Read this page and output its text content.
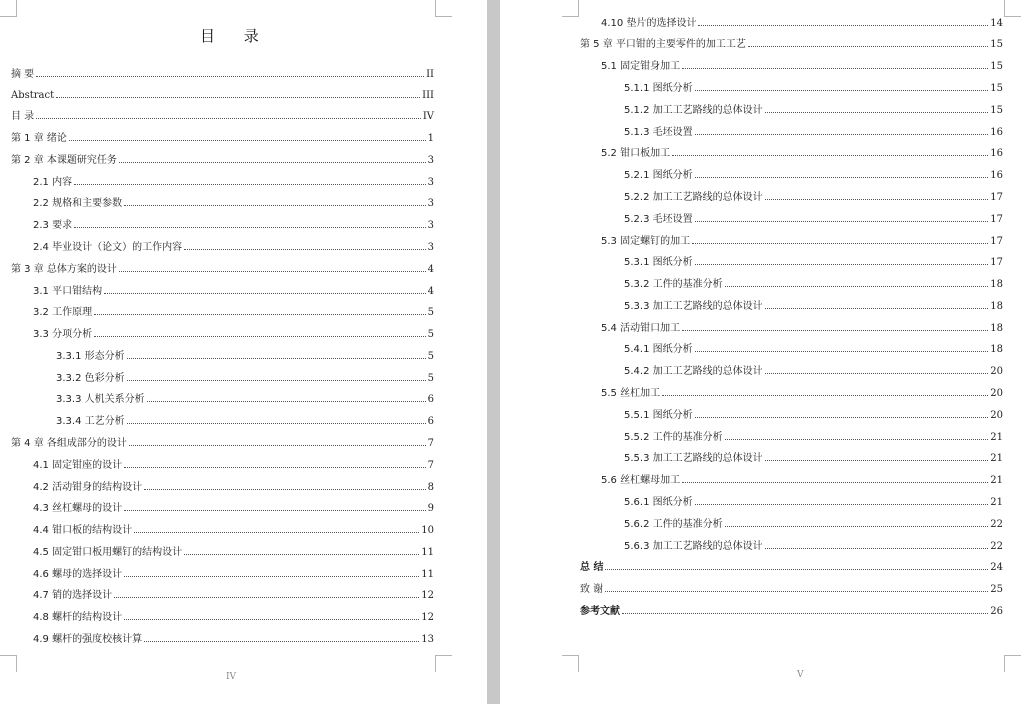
目 录
摘 要	II
Abstract	III
目 录	IV
第 1 章 绪论	1
第 2 章 本课题研究任务	3
2.1 内容	3
2.2 规格和主要参数	3
2.3 要求	3
2.4 毕业设计（论文）的工作内容	3
第 3 章 总体方案的设计	4
3.1 平口钳结构	4
3.2 工作原理	5
3.3 分项分析	5
3.3.1 形态分析	5
3.3.2 色彩分析	5
3.3.3 人机关系分析	6
3.3.4 工艺分析	6
第 4 章 各组成部分的设计	7
4.1 固定钳座的设计	7
4.2 活动钳身的结构设计	8
4.3 丝杠螺母的设计	9
4.4 钳口板的结构设计	10
4.5 固定钳口板用螺钉的结构设计	11
4.6 螺母的选择设计	11
4.7 销的选择设计	12
4.8 螺杆的结构设计	12
4.9 螺杆的强度校核计算	13
IV
4.10 垫片的选择设计	14
第 5 章 平口钳的主要零件的加工工艺	15
5.1 固定钳身加工	15
5.1.1 图纸分析	15
5.1.2 加工工艺路线的总体设计	15
5.1.3 毛坯设置	16
5.2 钳口板加工	16
5.2.1 图纸分析	16
5.2.2 加工工艺路线的总体设计	17
5.2.3 毛坯设置	17
5.3 固定螺钉的加工	17
5.3.1 图纸分析	17
5.3.2 工件的基准分析	18
5.3.3 加工工艺路线的总体设计	18
5.4 活动钳口加工	18
5.4.1 图纸分析	18
5.4.2 加工工艺路线的总体设计	20
5.5 丝杠加工	20
5.5.1 图纸分析	20
5.5.2 工件的基准分析	21
5.5.3 加工工艺路线的总体设计	21
5.6 丝杠螺母加工	21
5.6.1 图纸分析	21
5.6.2 工件的基准分析	22
5.6.3 加工工艺路线的总体设计	22
总 结	24
致 谢	25
参考文献	26
V
